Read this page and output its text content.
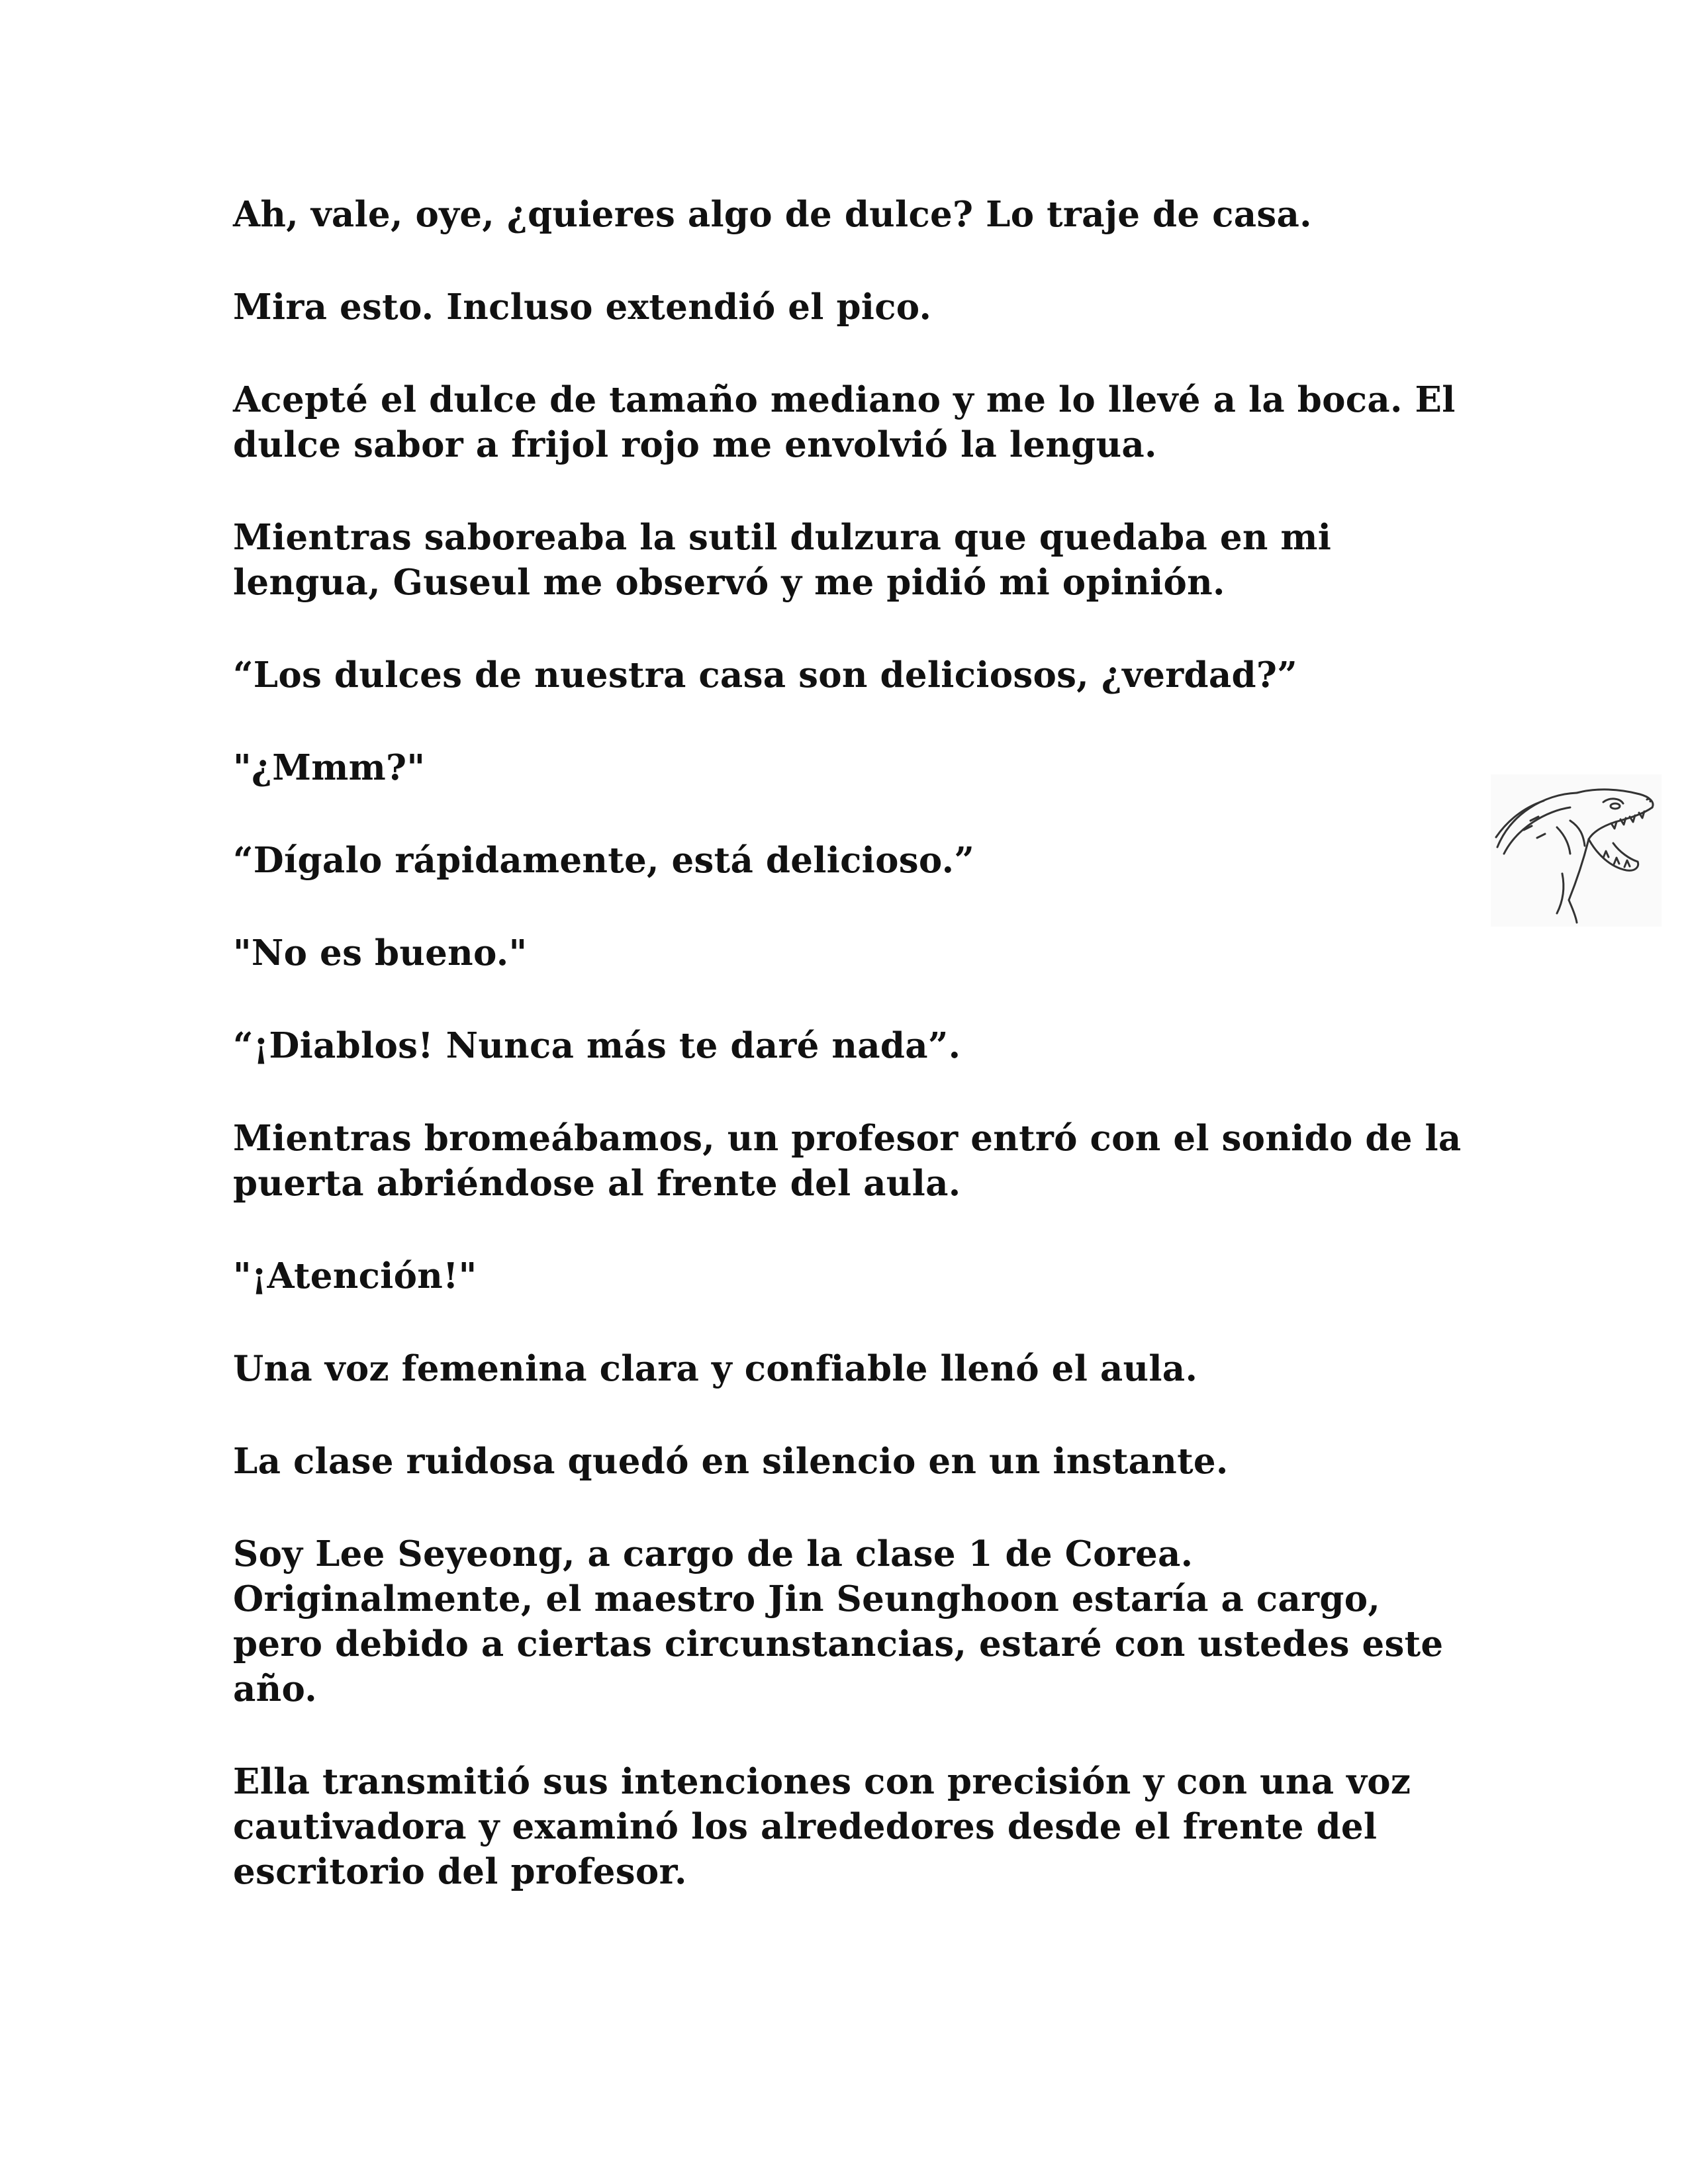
Ah, vale, oye, ¿quieres algo de dulce? Lo traje de casa.

Mira esto. Incluso extendió el pico.

Acepté el dulce de tamaño mediano y me lo llevé a la boca. El
dulce sabor a frijol rojo me envolvió la lengua.

Mientras saboreaba la sutil dulzura que quedaba en mi
lengua, Guseul me observó y me pidió mi opinión.

“Los dulces de nuestra casa son deliciosos, ¿verdad?”

"¿Mmm?"

“Dígalo rápidamente, está delicioso.”

"No es bueno."

“¡Diablos! Nunca más te daré nada”.

Mientras bromeábamos, un profesor entró con el sonido de la
puerta abriéndose al frente del aula.

"¡Atención!"

Una voz femenina clara y confiable llenó el aula.

La clase ruidosa quedó en silencio en un instante.

Soy Lee Seyeong, a cargo de la clase 1 de Corea.
Originalmente, el maestro Jin Seunghoon estaría a cargo,
pero debido a ciertas circunstancias, estaré con ustedes este
año.

Ella transmitió sus intenciones con precisión y con una voz
cautivadora y examinó los alrededores desde el frente del
escritorio del profesor.
